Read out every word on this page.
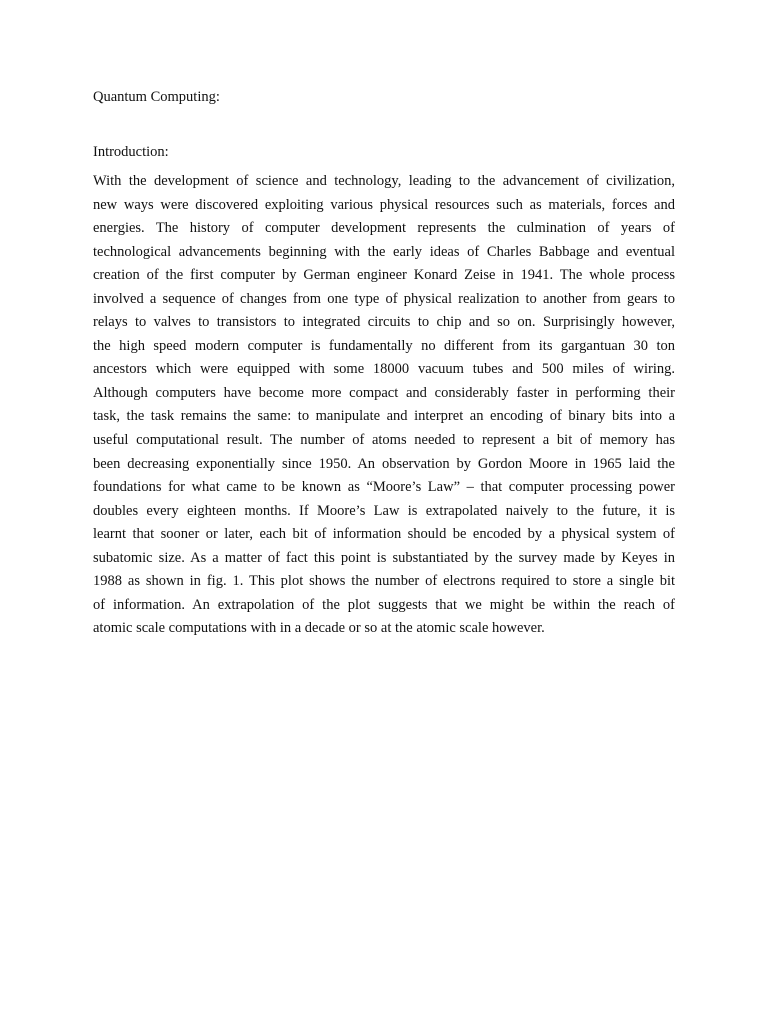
Quantum Computing:
Introduction:

With the development of science and technology, leading to the advancement of civilization,
new ways were discovered exploiting various physical resources such as materials, forces and
energies. The history of computer development represents the culmination of years of
technological advancements beginning with the early ideas of Charles Babbage and eventual
creation of the first computer by German engineer Konard Zeise in 1941. The whole process
involved a sequence of changes from one type of physical realization to another from gears to
relays to valves to transistors to integrated circuits to chip and so on. Surprisingly however,
the high speed modern computer is fundamentally no different from its gargantuan 30 ton
ancestors which were equipped with some 18000 vacuum tubes and 500 miles of wiring.
Although computers have become more compact and considerably faster in performing their
task, the task remains the same: to manipulate and interpret an encoding of binary bits into a
useful computational result. The number of atoms needed to represent a bit of memory has
been decreasing exponentially since 1950. An observation by Gordon Moore in 1965 laid the
foundations for what came to be known as “Moore’s Law” – that computer processing power
doubles every eighteen months. If Moore’s Law is extrapolated naively to the future, it is
learnt that sooner or later, each bit of information should be encoded by a physical system of
subatomic size. As a matter of fact this point is substantiated by the survey made by Keyes in
1988 as shown in fig. 1. This plot shows the number of electrons required to store a single bit
of information. An extrapolation of the plot suggests that we might be within the reach of
atomic scale computations with in a decade or so at the atomic scale however.
